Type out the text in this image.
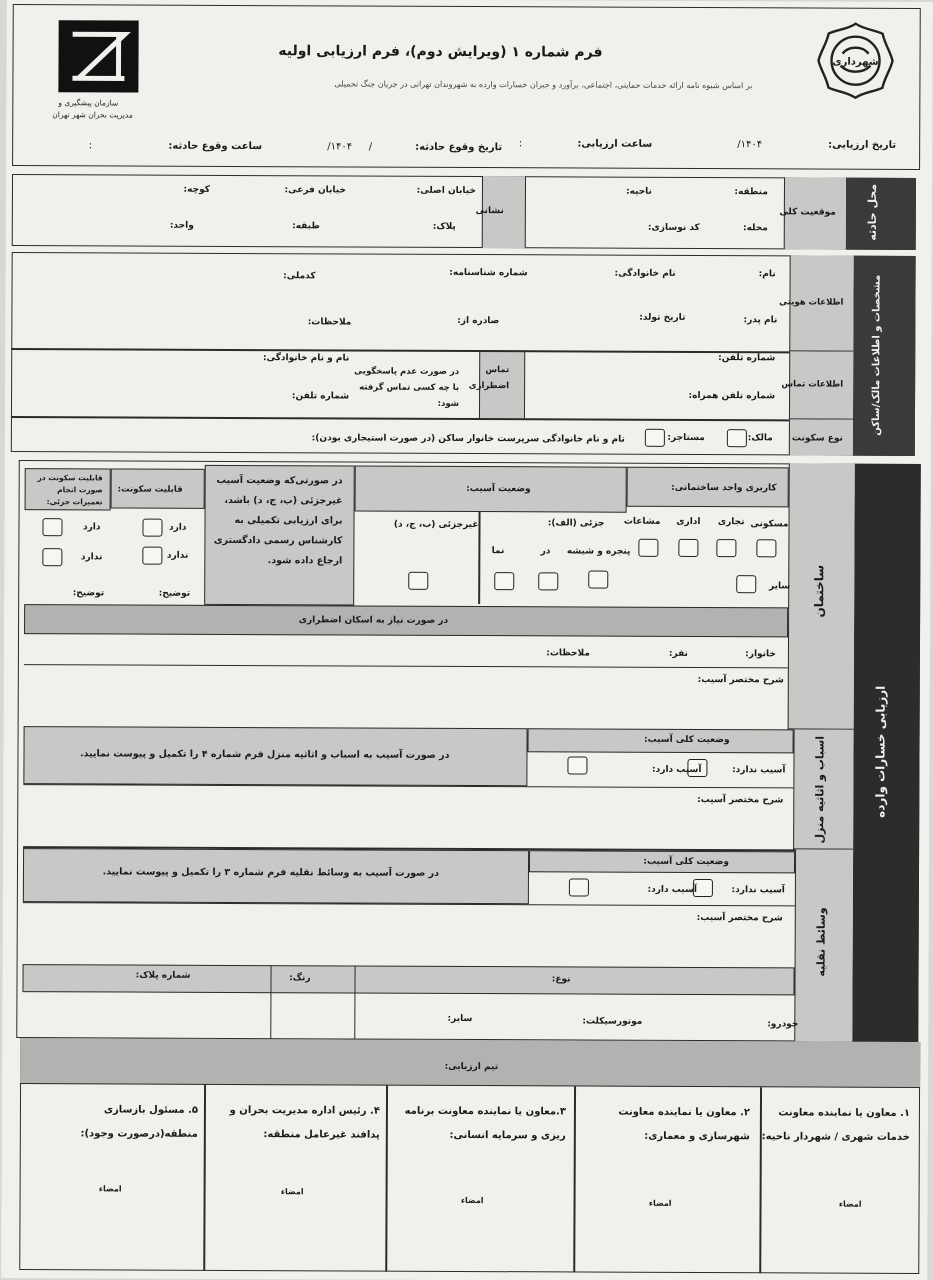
سازمان پیشگیری و
مدیریت بحران شهر تهران
شهرداری
فرم شماره ۱ (ویرایش دوم)، فرم ارزیابی اولیه
بر اساس شیوه نامه ارائه خدمات حمایتی، اجتماعی، برآورد و جبران خسارات وارده به شهروندان تهرانی در جریان جنگ تحمیلی
تاریخ ارزیابی:
۱۴۰۴/
ساعت ارزیابی:
:
تاریخ وقوع حادثه:
۱۴۰۴/ /
ساعت وقوع حادثه:
:
محل حادثه
موقعیت کلی
منطقه:
ناحیه:
محله:
کد نوسازی:
نشانی
خیابان اصلی:
خیابان فرعی:
کوچه:
پلاک:
طبقه:
واحد:
مشخصات و اطلاعات مالک/ساکن
اطلاعات هویتی
نام:
نام خانوادگی:
شماره شناسنامه:
کدملی:
نام پدر:
تاریخ تولد:
صادره از:
ملاحظات:
اطلاعات تماس
شماره تلفن:
شماره تلفن همراه:
تماس اضطراری
در صورت عدم پاسخگویی با چه کسی تماس گرفته شود:
نام و نام خانوادگی:
شماره تلفن:
نوع سکونت
مالک:
مستاجر:
نام و نام خانوادگی سرپرست خانوار ساکن (در صورت استیجاری بودن):
ارزیابی خسارات وارده
ساختمان
کاربری واحد ساختمانی:
مسکونی
تجاری
اداری
مشاعات
سایر
وضعیت آسیب:
جزئی (الف):
غیرجزئی (ب، ج، د)
پنجره و شیشه
در
نما
در صورتی‌که وضعیت آسیب غیرجزئی (ب، ج، د) باشد، برای ارزیابی تکمیلی به کارشناس رسمی دادگستری ارجاع داده شود.
قابلیت سکونت:
دارد
ندارد
توضیح:
قابلیت سکونت در صورت انجام تعمیرات جزئی:
دارد
ندارد
توضیح:
در صورت نیاز به اسکان اضطراری
خانوار:
نفر:
ملاحظات:
شرح مختصر آسیب:
اسباب و اثاثیه منزل
در صورت آسیب به اسباب و اثاثیه منزل فرم شماره ۴ را تکمیل و پیوست نمایید.
وضعیت کلی آسیب:
آسیب ندارد:
آسیب دارد:
شرح مختصر آسیب:
وسائط نقلیه
در صورت آسیب به وسائط نقلیه فرم شماره ۳ را تکمیل و پیوست نمایید.
وضعیت کلی آسیب:
آسیب ندارد:
آسیب دارد:
شرح مختصر آسیب:
نوع:
رنگ:
شماره پلاک:
خودرو:
موتورسیکلت:
سایر:
تیم ارزیابی:
۱. معاون یا نماینده معاونت خدمات شهری / شهردار ناحیه:
۲. معاون یا نماینده معاونت شهرسازی و معماری:
۳.معاون یا نماینده معاونت برنامه ریزی و سرمایه انسانی:
۴. رئیس اداره مدیریت بحران و پدافند غیرعامل منطقه:
۵. مسئول بازسازی منطقه(درصورت وجود):
امضاء
امضاء
امضاء
امضاء
امضاء
